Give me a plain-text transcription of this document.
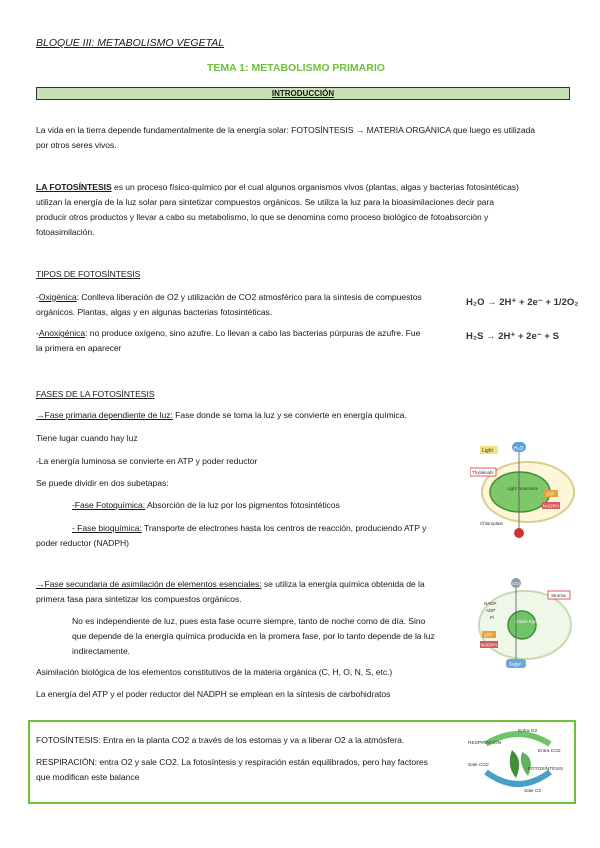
BLOQUE III: METABOLISMO VEGETAL
TEMA 1: METABOLISMO PRIMARIO
INTRODUCCIÓN
La vida en la tierra depende fundamentalmente de la energía solar: FOTOSÍNTESIS → MATERIA ORGÁNICA que luego es utilizada
por otros seres vivos.
LA FOTOSÍNTESIS es un proceso físico-químico por el cual algunos organismos vivos (plantas, algas y bacterias fotosintéticas)
utilizan la energía de la luz solar para sintetizar compuestos orgánicos. Se utiliza la luz para la bioasimilaciones decir para
producir otros productos y llevar a cabo su metabolismo, lo que se denomina como proceso biológico de fotoabsorción y
fotoasimilación.
TIPOS DE FOTOSÍNTESIS
-Oxigénica: Conlleva liberación de O2 y utilización de CO2 atmosférico para la síntesis de compuestos
orgánicos. Plantas, algas y en algunas bacterias fotosintéticas.
-Anoxigénica: no produce oxígeno, sino azufre. Lo llevan a cabo las bacterias púrpuras de azufre. Fue
la primera en aparecer
H₂O → 2H⁺ + 2e⁻ + 1/2O₂
H₂S → 2H⁺ + 2e⁻ + S
FASES DE LA FOTOSÍNTESIS
→Fase primaria dependiente de luz: Fase donde se toma la luz y se convierte en energía química.
Tiene lugar cuando hay luz
-La energía luminosa se convierte en ATP y poder reductor
Se puede dividir en dos subetapas:
-Fase Fotoquímica: Absorción de la luz por los pigmentos fotosintéticos
- Fase bioquímica: Transporte de electrones hasta los centros de reacción, produciendo ATP y
poder reductor (NADPH)
→Fase secundaria de asimilación de elementos esenciales: se utiliza la energía química obtenida de la
primera fasa para sintetizar los compuestos orgánicos.
No es independiente de luz, pues esta fase ocurre siempre, tanto de noche como de día. Sino
que depende de la energía química producida en la promera fase, por lo tanto depende de la luz
indirectamente.
Asimilación biológica de los elementos constitutivos de la materia orgánica (C, H, O, N, S, etc.)
La energía del ATP y el poder reductor del NADPH se emplean en la síntesis de carbohidratos
H₂O
Light
Thylakoids
Light Reactions
ATP
NADPH
Chloroplast
CO₂
Stroma
NADP
ADP
Pi
Calvin Cycle
ATP
NADPH
Sugar
FOTOSÍNTESIS: Entra en la planta CO2 a través de los estomas y va a liberar O2 a la atmósfera.
RESPIRACIÓN: entra O2 y sale CO2. La fotosíntesis y respiración están equilibrados, pero hay factores
que modifican este balance
Entra O2
RESPIRACIÓN
Entra CO2
FOTOSÍNTESIS
Sale CO2
Sale O2
